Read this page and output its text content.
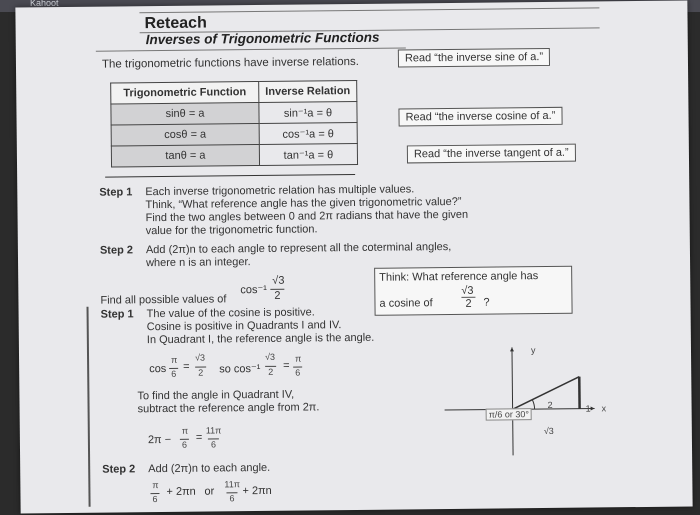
Kahoot
Reteach
Inverses of Trigonometric Functions
The trigonometric functions have inverse relations.	Read “the inverse sine of a.”
Read “the inverse cosine of a.”
Read “the inverse tangent of a.”
Trigonometric Function	Inverse Relation
sinθ = a	sin⁻¹a = θ
cosθ = a	cos⁻¹a = θ
tanθ = a	tan⁻¹a = θ
Step 1 Each inverse trigonometric relation has multiple values.
Think, “What reference angle has the given trigonometric value?”
Find the two angles between 0 and 2π radians that have the given
value for the trigonometric function.
Step 2 Add (2π)n to each angle to represent all the coterminal angles,
where n is an integer.
Think: What reference angle has
√3
a cosine of	2	?
Find all possible values of
cos⁻¹
√3
2
Step 1 The value of the cosine is positive.
Cosine is positive in Quadrants I and IV.
In Quadrant I, the reference angle is the angle.
cos
π
6
=
√3
2 so cos⁻¹
√3
2
=
π
6
To find the angle in Quadrant IV,
subtract the reference angle from 2π.
2π −
π
6
=
11π
6
Step 2 Add (2π)n to each angle.
π
6
+ 2πn or
11π
6
+ 2πn
y
x
π/6 or 30°
2	1
√3
